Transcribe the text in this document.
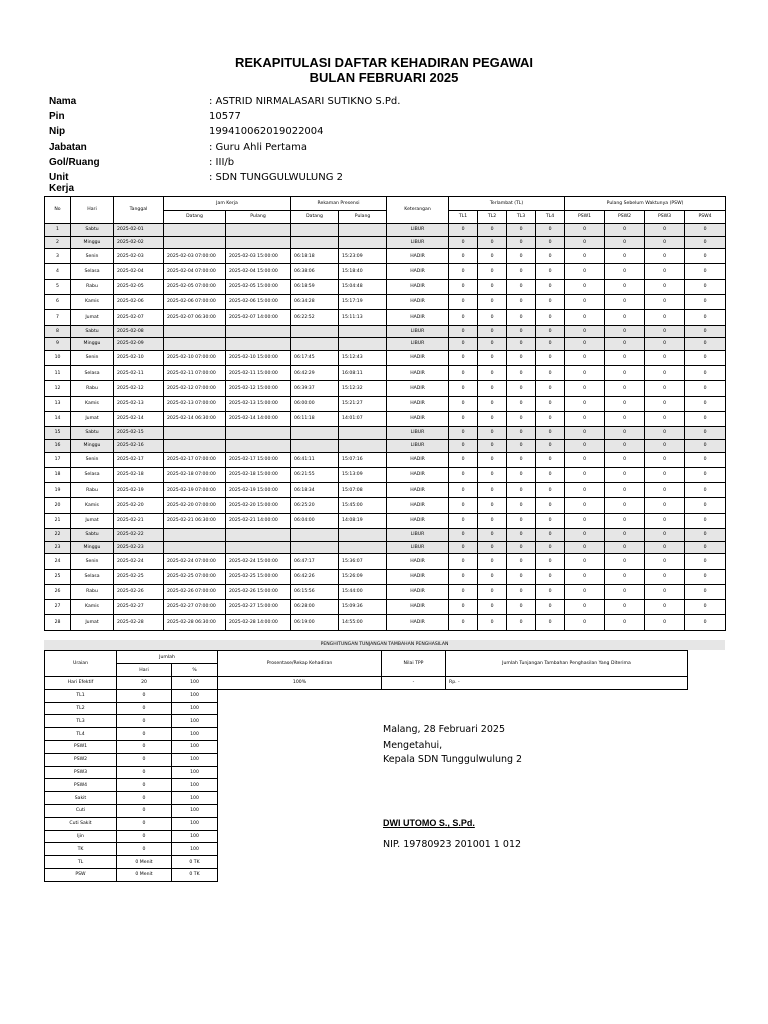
REKAPITULASI DAFTAR KEHADIRAN PEGAWAI
BULAN FEBRUARI 2025
Nama	: ASTRID NIRMALASARI SUTIKNO S.Pd.
Pin	10577
Nip	199410062019022004
Jabatan	: Guru Ahli Pertama
Gol/Ruang	: III/b
Unit Kerja
: SDN TUNGGULWULUNG 2
No	Hari	Tanggal	Jam Kerja		Rekaman Presensi		Keterangan	Terlambat (TL)				Pulang Sebelum Waktunya (PSW)			
			Datang	Pulang	Datang	Pulang		TL1	TL2	TL3	TL4	PSW1	PSW2	PSW3	PSW4
1	Sabtu	2025-02-01					LIBUR	0	0	0	0	0	0	0	0
2	Minggu	2025-02-02					LIBUR	0	0	0	0	0	0	0	0
3	Senin	2025-02-03	2025-02-03 07:00:00	2025-02-03 15:00:00	06:18:18	15:23:09	HADIR	0	0	0	0	0	0	0	0
4	Selasa	2025-02-04	2025-02-04 07:00:00	2025-02-04 15:00:00	06:38:06	15:18:40	HADIR	0	0	0	0	0	0	0	0
5	Rabu	2025-02-05	2025-02-05 07:00:00	2025-02-05 15:00:00	06:18:59	15:04:48	HADIR	0	0	0	0	0	0	0	0
6	Kamis	2025-02-06	2025-02-06 07:00:00	2025-02-06 15:00:00	06:34:28	15:17:19	HADIR	0	0	0	0	0	0	0	0
7	Jumat	2025-02-07	2025-02-07 06:30:00	2025-02-07 14:00:00	06:22:52	15:11:13	HADIR	0	0	0	0	0	0	0	0
8	Sabtu	2025-02-08					LIBUR	0	0	0	0	0	0	0	0
9	Minggu	2025-02-09					LIBUR	0	0	0	0	0	0	0	0
10	Senin	2025-02-10	2025-02-10 07:00:00	2025-02-10 15:00:00	06:17:45	15:12:43	HADIR	0	0	0	0	0	0	0	0
11	Selasa	2025-02-11	2025-02-11 07:00:00	2025-02-11 15:00:00	06:42:29	16:08:11	HADIR	0	0	0	0	0	0	0	0
12	Rabu	2025-02-12	2025-02-12 07:00:00	2025-02-12 15:00:00	06:39:37	15:12:32	HADIR	0	0	0	0	0	0	0	0
13	Kamis	2025-02-13	2025-02-13 07:00:00	2025-02-13 15:00:00	06:00:00	15:21:27	HADIR	0	0	0	0	0	0	0	0
14	Jumat	2025-02-14	2025-02-14 06:30:00	2025-02-14 14:00:00	06:11:18	14:01:07	HADIR	0	0	0	0	0	0	0	0
15	Sabtu	2025-02-15					LIBUR	0	0	0	0	0	0	0	0
16	Minggu	2025-02-16					LIBUR	0	0	0	0	0	0	0	0
17	Senin	2025-02-17	2025-02-17 07:00:00	2025-02-17 15:00:00	06:41:11	15:07:16	HADIR	0	0	0	0	0	0	0	0
18	Selasa	2025-02-18	2025-02-18 07:00:00	2025-02-18 15:00:00	06:21:55	15:13:09	HADIR	0	0	0	0	0	0	0	0
19	Rabu	2025-02-19	2025-02-19 07:00:00	2025-02-19 15:00:00	06:18:34	15:07:08	HADIR	0	0	0	0	0	0	0	0
20	Kamis	2025-02-20	2025-02-20 07:00:00	2025-02-20 15:00:00	06:25:20	15:45:00	HADIR	0	0	0	0	0	0	0	0
21	Jumat	2025-02-21	2025-02-21 06:30:00	2025-02-21 14:00:00	06:04:00	14:08:19	HADIR	0	0	0	0	0	0	0	0
22	Sabtu	2025-02-22					LIBUR	0	0	0	0	0	0	0	0
23	Minggu	2025-02-23					LIBUR	0	0	0	0	0	0	0	0
24	Senin	2025-02-24	2025-02-24 07:00:00	2025-02-24 15:00:00	06:47:17	15:36:07	HADIR	0	0	0	0	0	0	0	0
25	Selasa	2025-02-25	2025-02-25 07:00:00	2025-02-25 15:00:00	06:42:26	15:26:09	HADIR	0	0	0	0	0	0	0	0
26	Rabu	2025-02-26	2025-02-26 07:00:00	2025-02-26 15:00:00	06:15:56	15:44:00	HADIR	0	0	0	0	0	0	0	0
27	Kamis	2025-02-27	2025-02-27 07:00:00	2025-02-27 15:00:00	06:28:00	15:09:36	HADIR	0	0	0	0	0	0	0	0
28	Jumat	2025-02-28	2025-02-28 06:30:00	2025-02-28 14:00:00	06:19:00	14:55:00	HADIR	0	0	0	0	0	0	0	0
PENGHITUNGAN TUNJANGAN TAMBAHAN PENGHASILAN
Uraian	Jumlah		Prosentase/Rekap Kehadiran	Nilai TPP	Jumlah Tunjangan Tambahan Penghasilan Yang Diterima
	Hari	%			
Hari Efektif	20	100	100%	-	Rp. -
TL1	0	100			
TL2	0	100			
TL3	0	100			
TL4	0	100			
PSW1	0	100			
PSW2	0	100			
PSW3	0	100			
PSW4	0	100			
Sakit	0	100			
Cuti	0	100			
Cuti Sakit	0	100			
Ijin	0	100			
TK	0	100			
TL	0 Menit	0 TK			
PSW	0 Menit	0 TK			
Malang, 28 Februari 2025
Mengetahui,
Kepala SDN Tunggulwulung 2
DWI UTOMO S., S.Pd.
NIP. 19780923 201001 1 012
